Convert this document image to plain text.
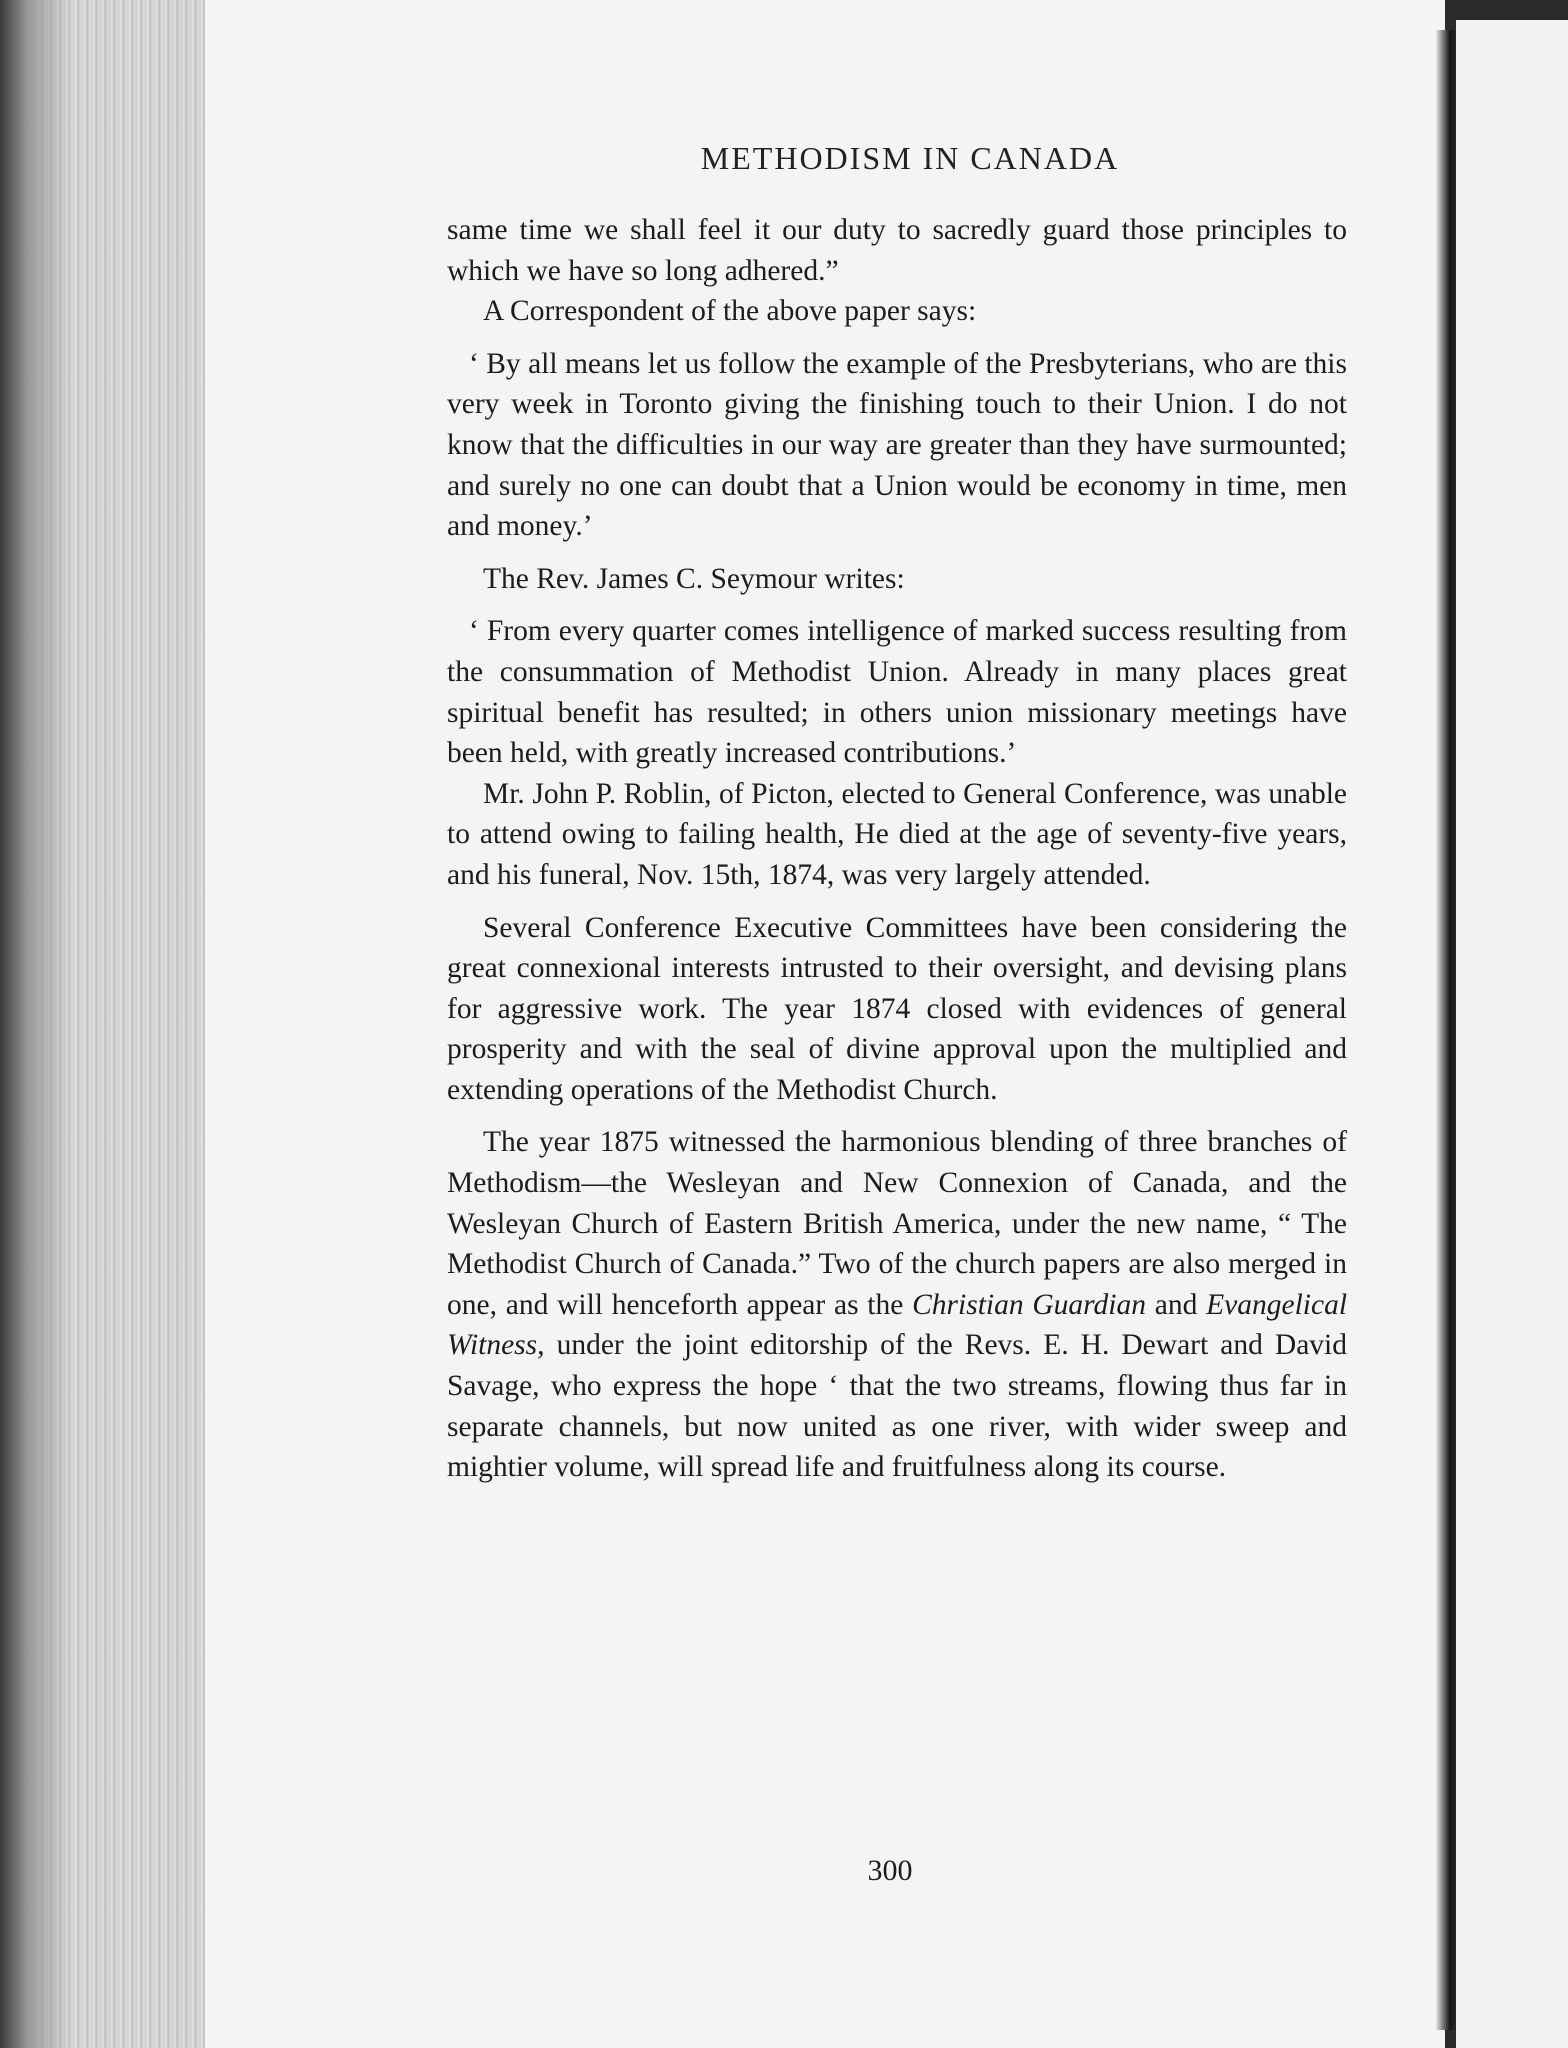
METHODISM IN CANADA

same time we shall feel it our duty to sacredly guard those principles to which we have so long adhered.”

A Correspondent of the above paper says:

‘ By all means let us follow the example of the Presbyterians, who are this very week in Toronto giving the finishing touch to their Union. I do not know that the difficulties in our way are greater than they have surmounted; and surely no one can doubt that a Union would be economy in time, men and money.’

The Rev. James C. Seymour writes:

‘ From every quarter comes intelligence of marked success resulting from the consummation of Methodist Union. Already in many places great spiritual benefit has resulted; in others union missionary meetings have been held, with greatly increased contributions.’

Mr. John P. Roblin, of Picton, elected to General Conference, was unable to attend owing to failing health, He died at the age of seventy-five years, and his funeral, Nov. 15th, 1874, was very largely attended.

Several Conference Executive Committees have been considering the great connexional interests intrusted to their oversight, and devising plans for aggressive work. The year 1874 closed with evidences of general prosperity and with the seal of divine approval upon the multiplied and extending operations of the Methodist Church.

The year 1875 witnessed the harmonious blending of three branches of Methodism—the Wesleyan and New Connexion of Canada, and the Wesleyan Church of Eastern British America, under the new name, “ The Methodist Church of Canada.” Two of the church papers are also merged in one, and will henceforth appear as the Christian Guardian and Evangelical Witness, under the joint editorship of the Revs. E. H. Dewart and David Savage, who express the hope ‘ that the two streams, flowing thus far in separate channels, but now united as one river, with wider sweep and mightier volume, will spread life and fruitfulness along its course.

300
